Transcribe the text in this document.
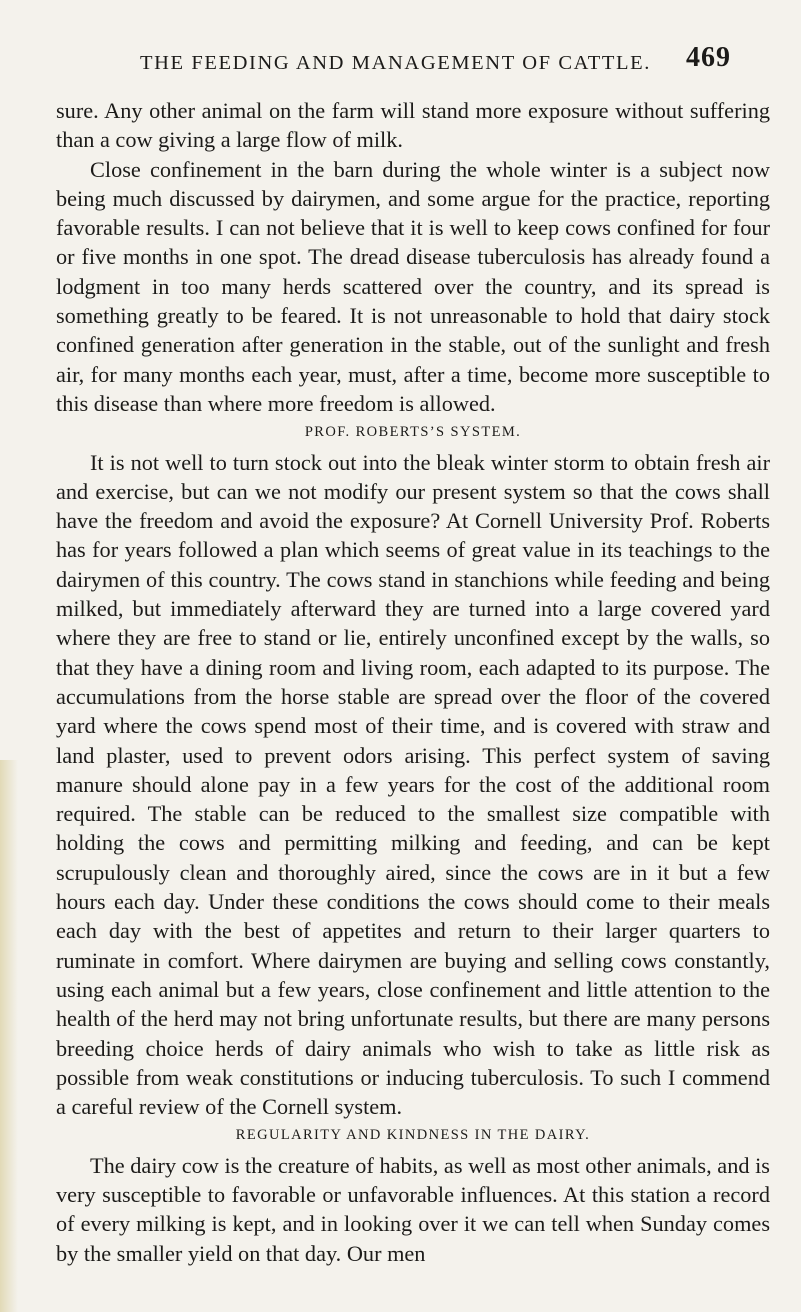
THE FEEDING AND MANAGEMENT OF CATTLE. 469

sure. Any other animal on the farm will stand more exposure without suffering than a cow giving a large flow of milk.

Close confinement in the barn during the whole winter is a subject now being much discussed by dairymen, and some argue for the practice, reporting favorable results. I can not believe that it is well to keep cows confined for four or five months in one spot. The dread disease tuberculosis has already found a lodgment in too many herds scattered over the country, and its spread is something greatly to be feared. It is not unreasonable to hold that dairy stock confined generation after generation in the stable, out of the sunlight and fresh air, for many months each year, must, after a time, become more susceptible to this disease than where more freedom is allowed.

PROF. ROBERTS’S SYSTEM.

It is not well to turn stock out into the bleak winter storm to obtain fresh air and exercise, but can we not modify our present system so that the cows shall have the freedom and avoid the exposure? At Cornell University Prof. Roberts has for years followed a plan which seems of great value in its teachings to the dairymen of this country. The cows stand in stanchions while feeding and being milked, but immediately afterward they are turned into a large covered yard where they are free to stand or lie, entirely unconfined except by the walls, so that they have a dining room and living room, each adapted to its purpose. The accumulations from the horse stable are spread over the floor of the covered yard where the cows spend most of their time, and is covered with straw and land plaster, used to prevent odors arising. This perfect system of saving manure should alone pay in a few years for the cost of the additional room required. The stable can be reduced to the smallest size compatible with holding the cows and permitting milking and feeding, and can be kept scrupulously clean and thoroughly aired, since the cows are in it but a few hours each day. Under these conditions the cows should come to their meals each day with the best of appetites and return to their larger quarters to ruminate in comfort. Where dairymen are buying and selling cows constantly, using each animal but a few years, close confinement and little attention to the health of the herd may not bring unfortunate results, but there are many persons breeding choice herds of dairy animals who wish to take as little risk as possible from weak constitutions or inducing tuberculosis. To such I commend a careful review of the Cornell system.

REGULARITY AND KINDNESS IN THE DAIRY.

The dairy cow is the creature of habits, as well as most other animals, and is very susceptible to favorable or unfavorable influences. At this station a record of every milking is kept, and in looking over it we can tell when Sunday comes by the smaller yield on that day. Our men
